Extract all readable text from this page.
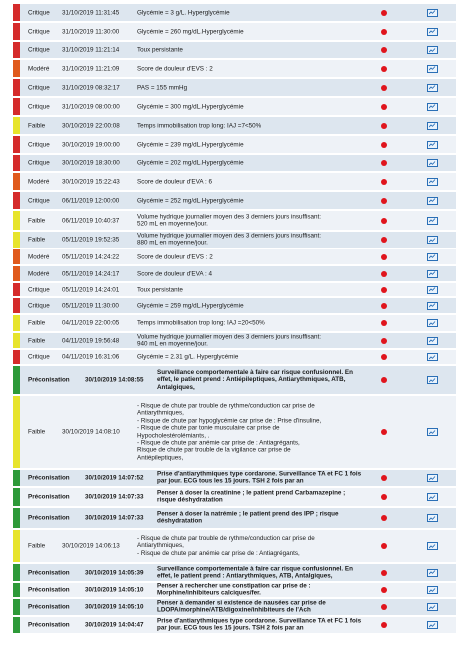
Critique 31/10/2019 11:31:45	Glycémie = 3 g/L. Hyperglycémie
Critique 31/10/2019 11:30:00	Glycémie = 260 mg/dL.Hyperglycémie
Critique 31/10/2019 11:21:14	Toux persistante
Modéré 31/10/2019 11:21:09	Score de douleur d'EVS : 2
Critique 31/10/2019 08:32:17	PAS = 155 mmHg
Critique 31/10/2019 08:00:00	Glycémie = 300 mg/dL.Hyperglycémie
Faible	30/10/2019 22:00:08	Temps immobilisation trop long: IAJ =7<50%
Critique 30/10/2019 19:00:00	Glycémie = 239 mg/dL.Hyperglycémie
Critique 30/10/2019 18:30:00	Glycémie = 202 mg/dL.Hyperglycémie
Modéré 30/10/2019 15:22:43	Score de douleur d'EVA : 6
Critique 06/11/2019 12:00:00	Glycémie = 252 mg/dL.Hyperglycémie
Faible	06/11/2019 10:40:37
Volume hydrique journalier moyen des 3 derniers jours insuffisant:
520 mL en moyenne/jour.
Faible	05/11/2019 19:52:35
Volume hydrique journalier moyen des 3 derniers jours insuffisant:
880 mL en moyenne/jour.
Modéré 05/11/2019 14:24:22	Score de douleur d'EVS : 2
Modéré 05/11/2019 14:24:17	Score de douleur d'EVA : 4
Critique 05/11/2019 14:24:01	Toux persistante
Critique 05/11/2019 11:30:00	Glycémie = 259 mg/dL.Hyperglycémie
Faible	04/11/2019 22:00:05	Temps immobilisation trop long: IAJ =20<50%
Faible	04/11/2019 19:56:48
Volume hydrique journalier moyen des 3 derniers jours insuffisant:
940 mL en moyenne/jour.
Critique 04/11/2019 16:31:06	Glycémie = 2.31 g/L. Hyperglycémie
Préconisation 30/10/2019 14:08:55
Surveillance comportementale à faire car risque confusionnel. En
effet, le patient prend : Antiépileptiques, Antiarythmiques, ATB,
Antalgiques,
Faible	30/10/2019 14:08:10
- Risque de chute par trouble de rythme/conduction car prise de
Antiarythmiques,
- Risque de chute par hypoglycémie car prise de : Prise d'insuline,
- Risque de chute par tonie musculaire car prise de
Hypocholestérolémiants, .
- Risque de chute par anémie car prise de : Antiagrégants,
Risque de chute par trouble de la vigilance car prise de
Antiépileptiques,
Préconisation 30/10/2019 14:07:52
Prise d'antiarythmiques type cordarone. Surveillance TA et FC 1 fois
par jour. ECG tous les 15 jours. TSH 2 fois par an
Préconisation 30/10/2019 14:07:33
Penser à doser la creatinine ; le patient prend Carbamazepine ;
risque déshydratation
Préconisation 30/10/2019 14:07:33
Penser à doser la natrémie ; le patient prend des IPP ; risque
déshydratation
Faible	30/10/2019 14:06:13
- Risque de chute par trouble de rythme/conduction car prise de
Antiarythmiques,
- Risque de chute par anémie car prise de : Antiagrégants,
Préconisation 30/10/2019 14:05:39
Surveillance comportementale à faire car risque confusionnel. En
effet, le patient prend : Antiarythmiques, ATB, Antalgiques,
Préconisation 30/10/2019 14:05:10
Penser à rechercher une constipation car prise de :
Morphine/inhibiteurs calciques/fer.
Préconisation 30/10/2019 14:05:10
Penser à demander si existence de nausées car prise de
LDOPA/morphine/ATB/digoxine/inhibiteurs de l'Ach
Préconisation 30/10/2019 14:04:47
Prise d'antiarythmiques type cordarone. Surveillance TA et FC 1 fois
par jour. ECG tous les 15 jours. TSH 2 fois par an
